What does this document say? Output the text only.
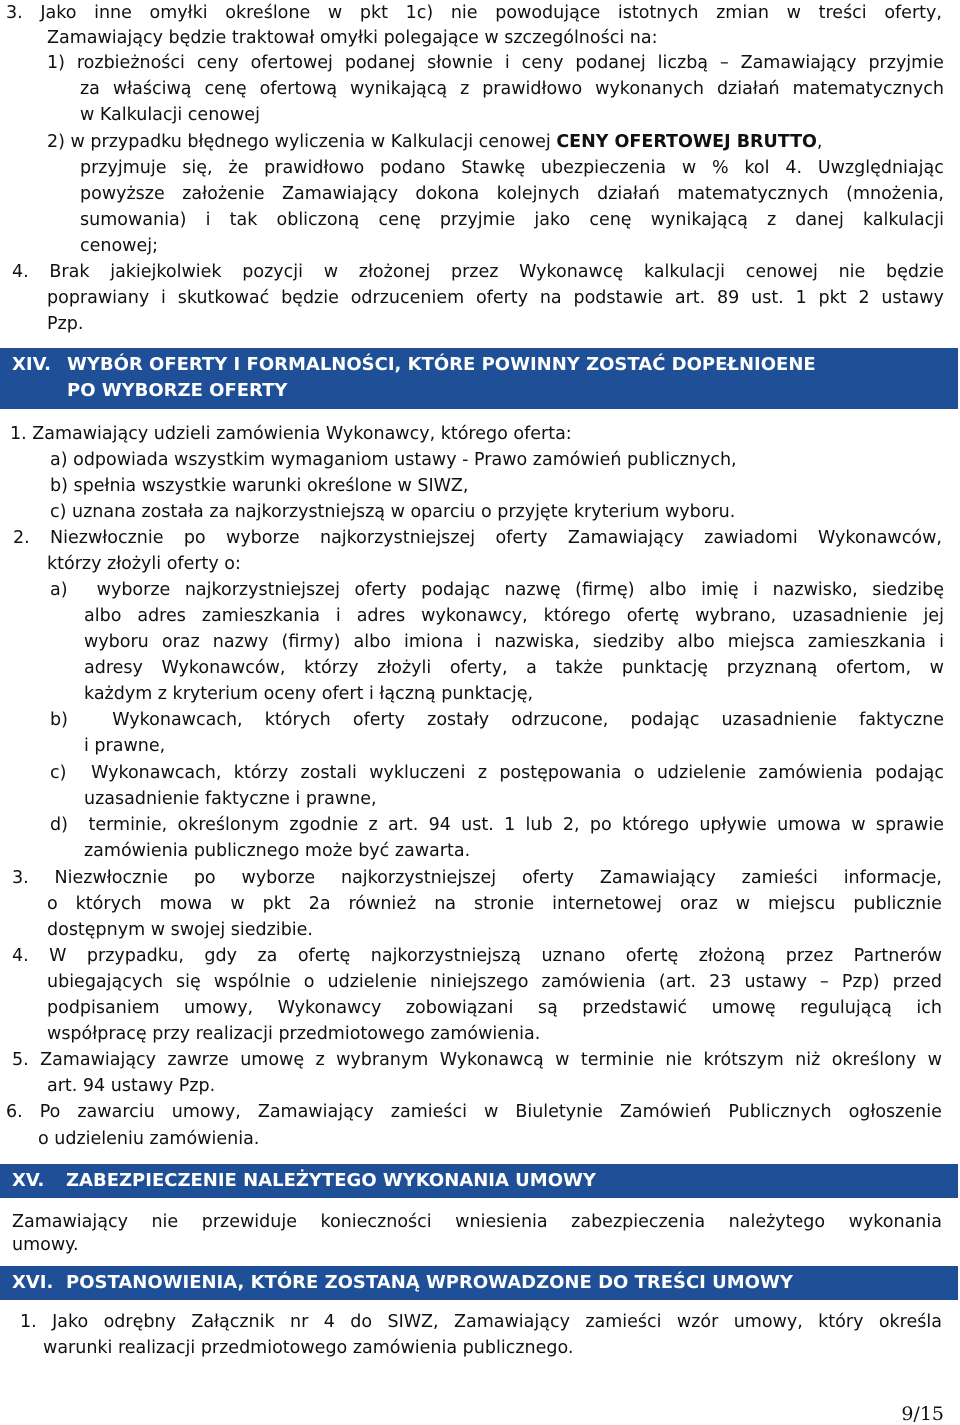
3. Jako inne omyłki określone w pkt 1c) nie powodujące istotnych zmian w treści oferty,
Zamawiający będzie traktował omyłki polegające w szczególności na:
1) rozbieżności ceny ofertowej podanej słownie i ceny podanej liczbą – Zamawiający przyjmie
za właściwą cenę ofertową wynikającą z prawidłowo wykonanych działań matematycznych
w Kalkulacji cenowej
2) w przypadku błędnego wyliczenia w Kalkulacji cenowej CENY OFERTOWEJ BRUTTO,
przyjmuje się, że prawidłowo podano Stawkę ubezpieczenia w % kol 4. Uwzględniając
powyższe założenie Zamawiający dokona kolejnych działań matematycznych (mnożenia,
sumowania) i tak obliczoną cenę przyjmie jako cenę wynikającą z danej kalkulacji
cenowej;
4. Brak jakiejkolwiek pozycji w złożonej przez Wykonawcę kalkulacji cenowej nie będzie
poprawiany i skutkować będzie odrzuceniem oferty na podstawie art. 89 ust. 1 pkt 2 ustawy
Pzp.
XIV. WYBÓR OFERTY I FORMALNOŚCI, KTÓRE POWINNY ZOSTAĆ DOPEŁNIOENE
PO WYBORZE OFERTY
1. Zamawiający udzieli zamówienia Wykonawcy, którego oferta:
a) odpowiada wszystkim wymaganiom ustawy - Prawo zamówień publicznych,
b) spełnia wszystkie warunki określone w SIWZ,
c) uznana została za najkorzystniejszą w oparciu o przyjęte kryterium wyboru.
2. Niezwłocznie po wyborze najkorzystniejszej oferty Zamawiający zawiadomi Wykonawców,
którzy złożyli oferty o:
a) wyborze najkorzystniejszej oferty podając nazwę (firmę) albo imię i nazwisko, siedzibę
albo adres zamieszkania i adres wykonawcy, którego ofertę wybrano, uzasadnienie jej
wyboru oraz nazwy (firmy) albo imiona i nazwiska, siedziby albo miejsca zamieszkania i
adresy Wykonawców, którzy złożyli oferty, a także punktację przyznaną ofertom, w
każdym z kryterium oceny ofert i łączną punktację,
b)	Wykonawcach, których oferty zostały odrzucone, podając uzasadnienie faktyczne
i prawne,
c) Wykonawcach, którzy zostali wykluczeni z postępowania o udzielenie zamówienia podając
uzasadnienie faktyczne i prawne,
d) terminie, określonym zgodnie z art. 94 ust. 1 lub 2, po którego upływie umowa w sprawie
zamówienia publicznego może być zawarta.
3. Niezwłocznie po wyborze najkorzystniejszej oferty Zamawiający zamieści informacje,
o których mowa w pkt 2a również na stronie internetowej oraz w miejscu publicznie
dostępnym w swojej siedzibie.
4. W przypadku, gdy za ofertę najkorzystniejszą uznano ofertę złożoną przez Partnerów
ubiegających się wspólnie o udzielenie niniejszego zamówienia (art. 23 ustawy – Pzp) przed
podpisaniem umowy, Wykonawcy zobowiązani są przedstawić umowę regulującą ich
współpracę przy realizacji przedmiotowego zamówienia.
5. Zamawiający zawrze umowę z wybranym Wykonawcą w terminie nie krótszym niż określony w
art. 94 ustawy Pzp.
6. Po zawarciu umowy, Zamawiający zamieści w Biuletynie Zamówień Publicznych ogłoszenie
o udzieleniu zamówienia.
XV. ZABEZPIECZENIE NALEŻYTEGO WYKONANIA UMOWY
Zamawiający nie przewiduje konieczności wniesienia zabezpieczenia należytego wykonania
umowy.
XVI. POSTANOWIENIA, KTÓRE ZOSTANĄ WPROWADZONE DO TREŚCI UMOWY
1. Jako odrębny Załącznik nr 4 do SIWZ, Zamawiający zamieści wzór umowy, który określa
warunki realizacji przedmiotowego zamówienia publicznego.
9/15
